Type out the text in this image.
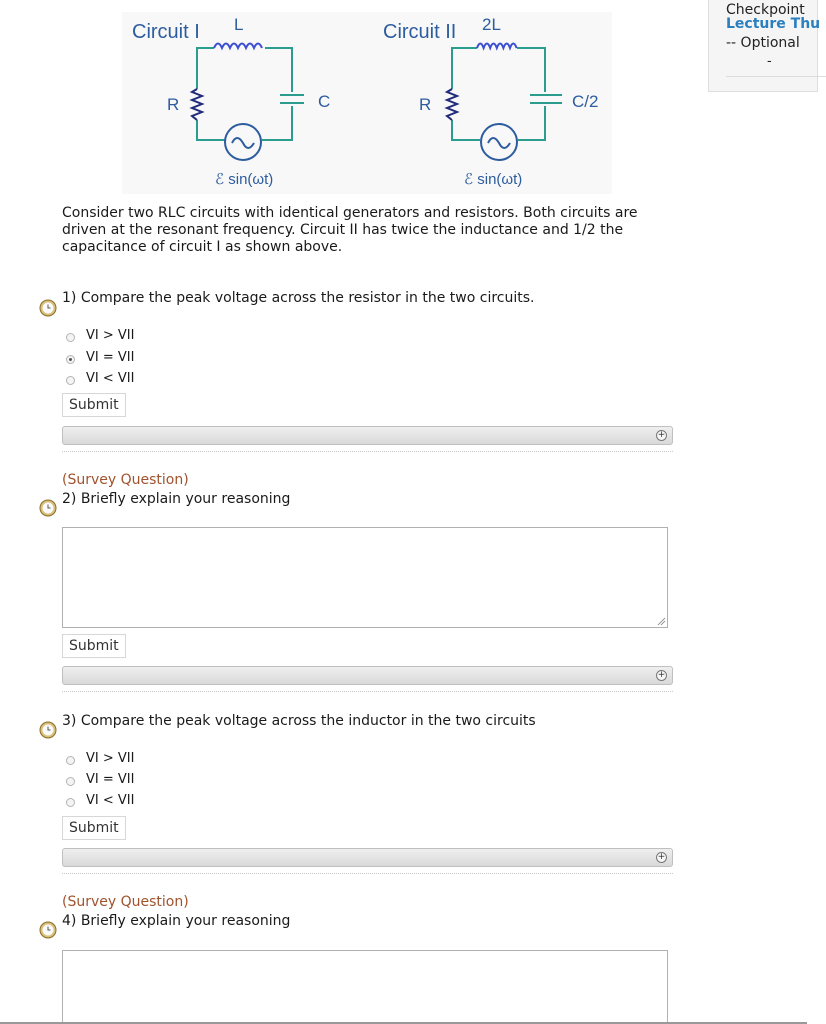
Circuit I L
R	C
ℰ sin(ωt)
Circuit II 2L
R	C/2
ℰ sin(ωt)
Consider two RLC circuits with identical generators and resistors. Both circuits are driven at the resonant frequency. Circuit II has twice the inductance and 1/2 the capacitance of circuit I as shown above.
1) Compare the peak voltage across the resistor in the two circuits.
VI > VII
VI = VII
VI < VII
Submit
+
(Survey Question)
2) Briefly explain your reasoning
Submit
+
3) Compare the peak voltage across the inductor in the two circuits
VI > VII
VI = VII
VI < VII
Submit
+
(Survey Question)
4) Briefly explain your reasoning
Checkpoint
Lecture Thu
-- Optional
-
